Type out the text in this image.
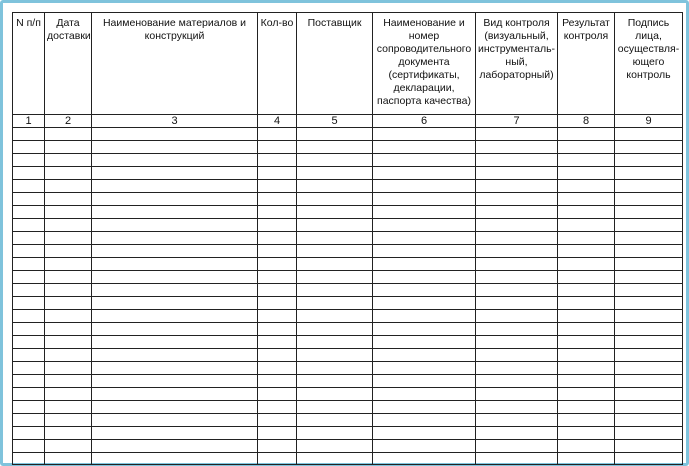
N п/п	Дата доставки	Наименование материалов и конструкций	Кол-во	Поставщик	Наименование и номер сопроводительного документа (сертификаты, декларации, паспорта качества)	Вид контроля (визуальный, инструменталь-ный, лабораторный)	Результат контроля	Подпись лица, осуществля-ющего контроль
1	2	3	4	5	6	7	8	9
